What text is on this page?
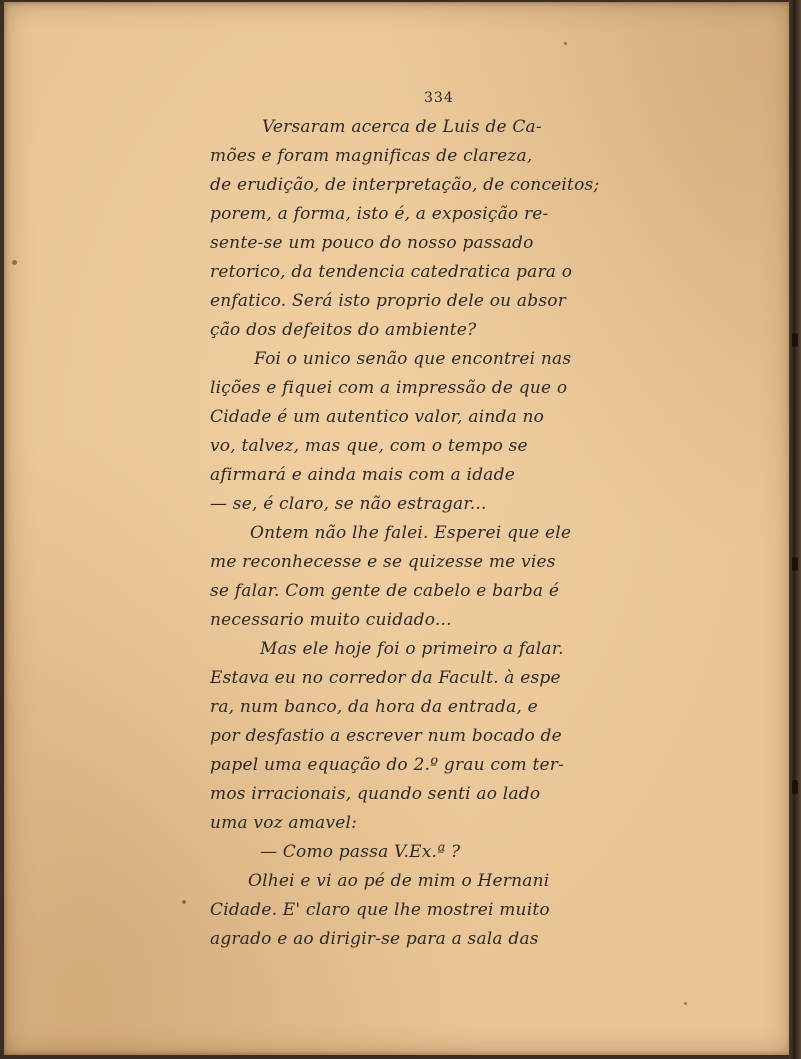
334
Versaram acerca de Luis de Ca-
mões e foram magnificas de clareza,
de erudição, de interpretação, de conceitos;
porem, a forma, isto é, a exposição re-
sente-se um pouco do nosso passado
retorico, da tendencia catedratica para o
enfatico. Será isto proprio dele ou absor
ção dos defeitos do ambiente?
Foi o unico senão que encontrei nas
lições e fiquei com a impressão de que o
Cidade é um autentico valor, ainda no
vo, talvez, mas que, com o tempo se
afirmará e ainda mais com a idade
— se, é claro, se não estragar...
Ontem não lhe falei. Esperei que ele
me reconhecesse e se quizesse me vies
se falar. Com gente de cabelo e barba é
necessario muito cuidado...
Mas ele hoje foi o primeiro a falar.
Estava eu no corredor da Facult. à espe
ra, num banco, da hora da entrada, e
por desfastio a escrever num bocado de
papel uma equação do 2.º grau com ter-
mos irracionais, quando senti ao lado
uma voz amavel:
— Como passa V.Ex.ª ?
Olhei e vi ao pé de mim o Hernani
Cidade. E' claro que lhe mostrei muito
agrado e ao dirigir-se para a sala das
